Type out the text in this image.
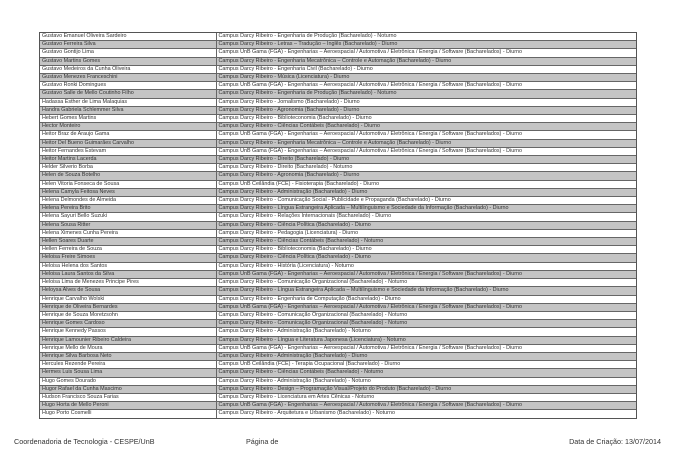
Gustavo Emanuel Oliveira Sardeiro	Campus Darcy Ribeiro - Engenharia de Produção (Bacharelado) - Noturno
Gustavo Ferreira Silva	Campus Darcy Ribeiro - Letras – Tradução – Inglês (Bacharelado) - Diurno
Gustavo Gontijo Lima	Campus UnB Gama (FGA) - Engenharias – Aeroespacial / Automotiva / Eletrônica / Energia / Software (Bacharelados) - Diurno
Gustavo Martins Gomes	Campus Darcy Ribeiro - Engenharia Mecatrônica – Controle e Automação (Bacharelado) - Diurno
Gustavo Medeiros da Cunha Oliveira	Campus Darcy Ribeiro - Engenharia Civil (Bacharelado) - Diurno
Gustavo Menezes Franceschini	Campus Darcy Ribeiro - Música (Licenciatura) - Diurno
Gustavo Ronki Domingues	Campus UnB Gama (FGA) - Engenharias – Aeroespacial / Automotiva / Eletrônica / Energia / Software (Bacharelados) - Diurno
Gustavo Salle de Mello Coutinho Filho	Campus Darcy Ribeiro - Engenharia de Produção (Bacharelado) - Noturno
Hadassa Esther de Lima Malaquias	Campus Darcy Ribeiro - Jornalismo (Bacharelado) - Diurno
Handra Gabriela Schlemmer Silva	Campus Darcy Ribeiro - Agronomia (Bacharelado) - Diurno
Hebert Gomes Martins	Campus Darcy Ribeiro - Biblioteconomia (Bacharelado) - Diurno
Hector Monteiro	Campus Darcy Ribeiro - Ciências Contábeis (Bacharelado) - Diurno
Heitor Braz de Araujo Gama	Campus UnB Gama (FGA) - Engenharias – Aeroespacial / Automotiva / Eletrônica / Energia / Software (Bacharelados) - Diurno
Heitor Del Bueno Guimarães Carvalho	Campus Darcy Ribeiro - Engenharia Mecatrônica – Controle e Automação (Bacharelado) - Diurno
Heitor Fernandes Estevam	Campus UnB Gama (FGA) - Engenharias – Aeroespacial / Automotiva / Eletrônica / Energia / Software (Bacharelados) - Diurno
Heitor Martins Lacerda	Campus Darcy Ribeiro - Direito (Bacharelado) - Diurno
Helder Silverio Borba	Campus Darcy Ribeiro - Direito (Bacharelado) - Noturno
Helen de Souza Botelho	Campus Darcy Ribeiro - Agronomia (Bacharelado) - Diurno
Helen Vitoria Fonseca de Sousa	Campus UnB Ceilândia (FCE) - Fisioterapia (Bacharelado) - Diurno
Helena Camyla Feitosa Neves	Campus Darcy Ribeiro - Administração (Bacharelado) - Diurno
Helena Delmondes de Almeida	Campus Darcy Ribeiro - Comunicação Social - Publicidade e Propaganda (Bacharelado) - Diurno
Helena Pereira Brito	Campus Darcy Ribeiro - Língua Estrangeira Aplicada – Multilinguismo e Sociedade da Informação (Bacharelado) - Diurno
Helena Sayuri Bello Suzuki	Campus Darcy Ribeiro - Relações Internacionais (Bacharelado) - Diurno
Helena Sousa Ritter	Campus Darcy Ribeiro - Ciência Política (Bacharelado) - Diurno
Helena Ximenes Cunha Pereira	Campus Darcy Ribeiro - Pedagogia (Licenciatura) - Diurno
Hellen Soares Duarte	Campus Darcy Ribeiro - Ciências Contábeis (Bacharelado) - Noturno
Hellen Ferreira de Souza	Campus Darcy Ribeiro - Biblioteconomia (Bacharelado) - Diurno
Heloisa Freire Simoes	Campus Darcy Ribeiro - Ciência Política (Bacharelado) - Diurno
Heloisa Helena dos Santos	Campus Darcy Ribeiro - História (Licenciatura) - Noturno
Heloisa Laura Santos da Silva	Campus UnB Gama (FGA) - Engenharias – Aeroespacial / Automotiva / Eletrônica / Energia / Software (Bacharelados) - Diurno
Heloisa Lima de Menezes Principe Pires	Campus Darcy Ribeiro - Comunicação Organizacional (Bacharelado) - Noturno
Heloysa Alves de Sousa	Campus Darcy Ribeiro - Língua Estrangeira Aplicada – Multilinguismo e Sociedade da Informação (Bacharelado) - Diurno
Henrique Carvalho Wolski	Campus Darcy Ribeiro - Engenharia de Computação (Bacharelado) - Diurno
Henrique de Oliveira Bernardes	Campus UnB Gama (FGA) - Engenharias – Aeroespacial / Automotiva / Eletrônica / Energia / Software (Bacharelados) - Diurno
Henrique de Souza Moretzsohn	Campus Darcy Ribeiro - Comunicação Organizacional (Bacharelado) - Noturno
Henrique Gomes Cardoso	Campus Darcy Ribeiro - Comunicação Organizacional (Bacharelado) - Noturno
Henrique Kennedy Passos	Campus Darcy Ribeiro - Administração (Bacharelado) - Noturno
Henrique Lamounier Ribeiro Caldeira	Campus Darcy Ribeiro - Língua e Literatura Japonesa (Licenciatura) - Noturno
Henrique Mello de Moura	Campus UnB Gama (FGA) - Engenharias – Aeroespacial / Automotiva / Eletrônica / Energia / Software (Bacharelados) - Diurno
Henrique Silva Barbosa Neto	Campus Darcy Ribeiro - Administração (Bacharelado) - Diurno
Hercules Rezende Pereira	Campus UnB Ceilândia (FCE) - Terapia Ocupacional (Bacharelado) - Diurno
Hermes Luis Sousa Lima	Campus Darcy Ribeiro - Ciências Contábeis (Bacharelado) - Noturno
Hugo Gomes Dourado	Campus Darcy Ribeiro - Administração (Bacharelado) - Noturno
Hugor Rafael da Cunha Mascimo	Campus Darcy Ribeiro - Design – Programação Visual/Projeto do Produto (Bacharelado) - Diurno
Hudson Francisco Souza Farias	Campus Darcy Ribeiro - Licenciatura em Artes Cênicas - Noturno
Hugo Horta de Mello Peroni	Campus UnB Gama (FGA) - Engenharias – Aeroespacial / Automotiva / Eletrônica / Energia / Software (Bacharelados) - Diurno
Hugo Porto Cosmelli	Campus Darcy Ribeiro - Arquitetura e Urbanismo (Bacharelado) - Noturno
Coordenadoria de Tecnologia - CESPE/UnB	Página de	Data de Criação: 13/07/2014
